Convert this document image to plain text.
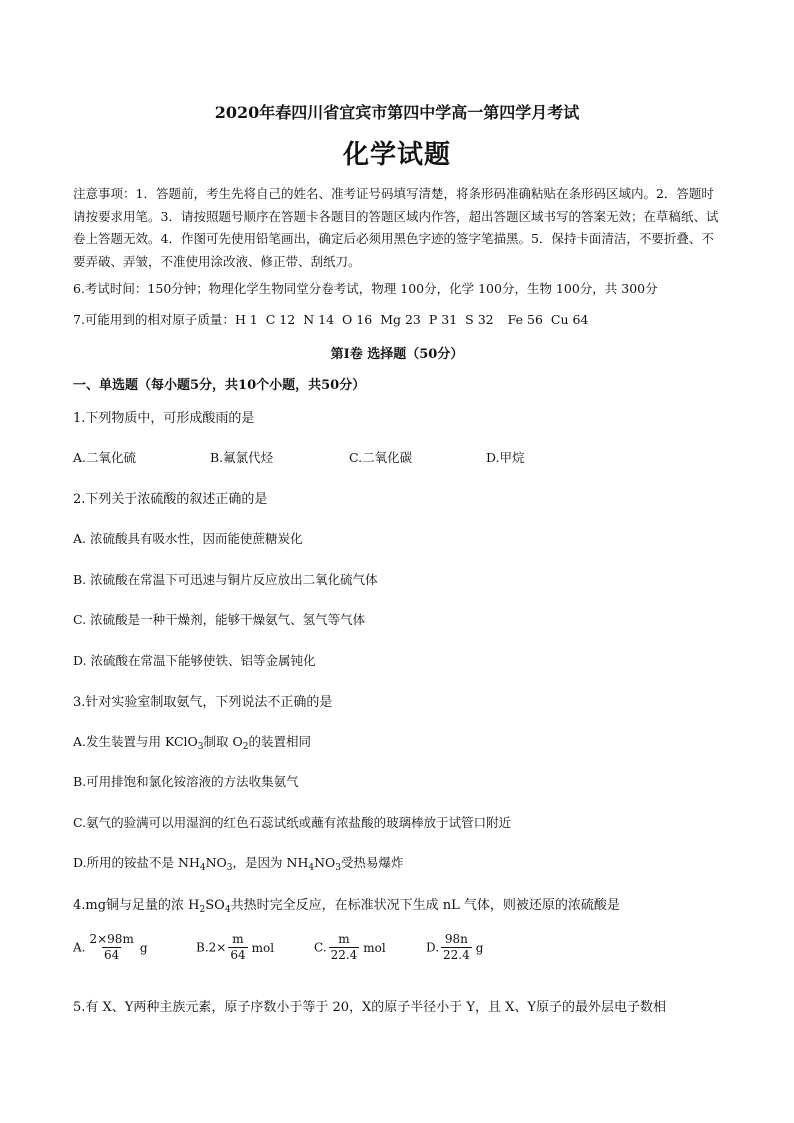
2020年春四川省宜宾市第四中学高一第四学月考试
化学试题
注意事项：1．答题前，考生先将自己的姓名、准考证号码填写清楚，将条形码准确粘贴在条形码区域内。2．答题时请按要求用笔。3．请按照题号顺序在答题卡各题目的答题区域内作答，超出答题区域书写的答案无效；在草稿纸、试卷上答题无效。4．作图可先使用铅笔画出，确定后必须用黑色字迹的签字笔描黑。5．保持卡面清洁，不要折叠、不要弄破、弄皱，不准使用涂改液、修正带、刮纸刀。
6.考试时间：150分钟；物理化学生物同堂分卷考试，物理 100分，化学 100分，生物 100分，共 300分
7.可能用到的相对原子质量：H 1 C 12 N 14 O 16 Mg 23 P 31 S 32 Fe 56 Cu 64
第Ⅰ卷 选择题（50分）
一、单选题（每小题5分，共10个小题，共50分）
1.下列物质中，可形成酸雨的是
A.二氧化硫	B.氟氯代烃	C.二氧化碳	D.甲烷
2.下列关于浓硫酸的叙述正确的是
A. 浓硫酸具有吸水性，因而能使蔗糖炭化
B. 浓硫酸在常温下可迅速与铜片反应放出二氧化硫气体
C. 浓硫酸是一种干燥剂，能够干燥氨气、氢气等气体
D. 浓硫酸在常温下能够使铁、铝等金属钝化
3.针对实验室制取氨气，下列说法不正确的是
A.发生装置与用 KClO$_3$制取 $O_2$的装置相同
B.可用排饱和氯化铵溶液的方法收集氨气
C.氨气的验满可以用湿润的红色石蕊试纸或蘸有浓盐酸的玻璃棒放于试管口附近
D.所用的铵盐不是 $NH_4NO_3$，是因为 $NH_4NO_3$受热易爆炸
4.mg铜与足量的浓 $H_2SO_4$共热时完全反应，在标准状况下生成 nL 气体，则被还原的浓硫酸是
A. $\frac{2\times 98m}{64}$ g	$B.2\times \frac{m}{64}$ mol	C. $\frac{m}{22.4}$ mol	D. $\frac{98n}{22.4}$ g
5.有 X、Y两种主族元素，原子序数小于等于 20，X的原子半径小于 Y，且 X、Y原子的最外层电子数相
